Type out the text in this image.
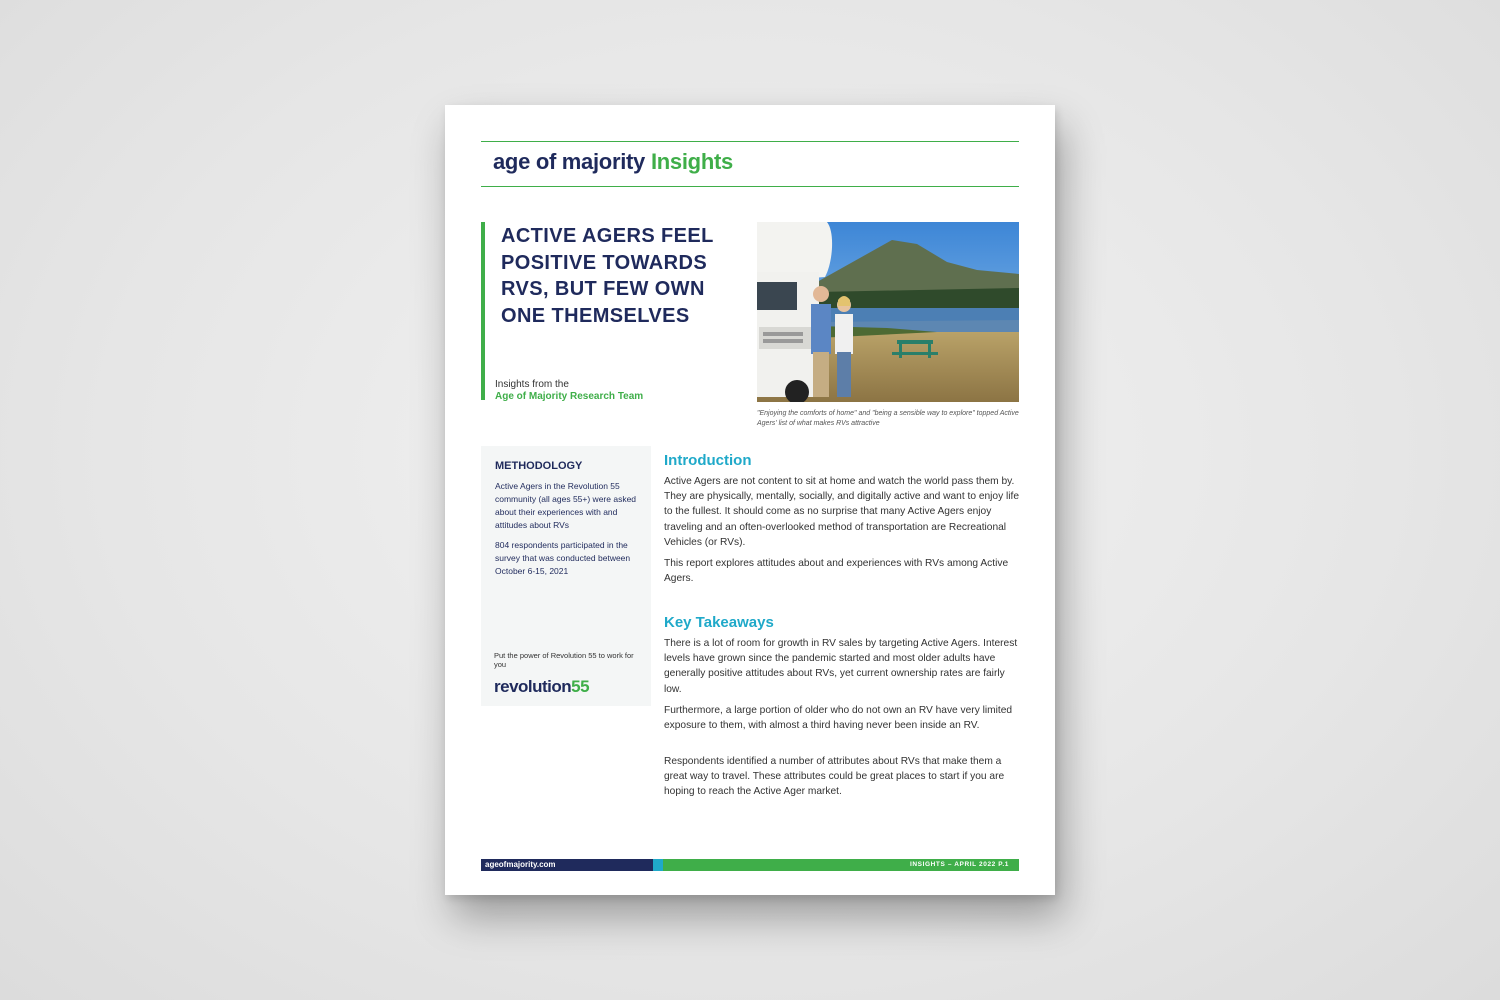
age of majority Insights
ACTIVE AGERS FEEL POSITIVE TOWARDS RVS, BUT FEW OWN ONE THEMSELVES
Insights from the
Age of Majority Research Team
"Enjoying the comforts of home" and "being a sensible way to explore" topped Active Agers' list of what makes RVs attractive
METHODOLOGY
Active Agers in the Revolution 55 community (all ages 55+) were asked about their experiences with and attitudes about RVs
804 respondents participated in the survey that was conducted between October 6-15, 2021
Put the power of Revolution 55 to work for you
revolution55
Introduction
Active Agers are not content to sit at home and watch the world pass them by. They are physically, mentally, socially, and digitally active and want to enjoy life to the fullest. It should come as no surprise that many Active Agers enjoy traveling and an often-overlooked method of transportation are Recreational Vehicles (or RVs).
This report explores attitudes about and experiences with RVs among Active Agers.
Key Takeaways
There is a lot of room for growth in RV sales by targeting Active Agers. Interest levels have grown since the pandemic started and most older adults have generally positive attitudes about RVs, yet current ownership rates are fairly low.
Furthermore, a large portion of older who do not own an RV have very limited exposure to them, with almost a third having never been inside an RV.
Respondents identified a number of attributes about RVs that make them a great way to travel. These attributes could be great places to start if you are hoping to reach the Active Ager market.
ageofmajority.com	INSIGHTS – APRIL 2022 P.1
